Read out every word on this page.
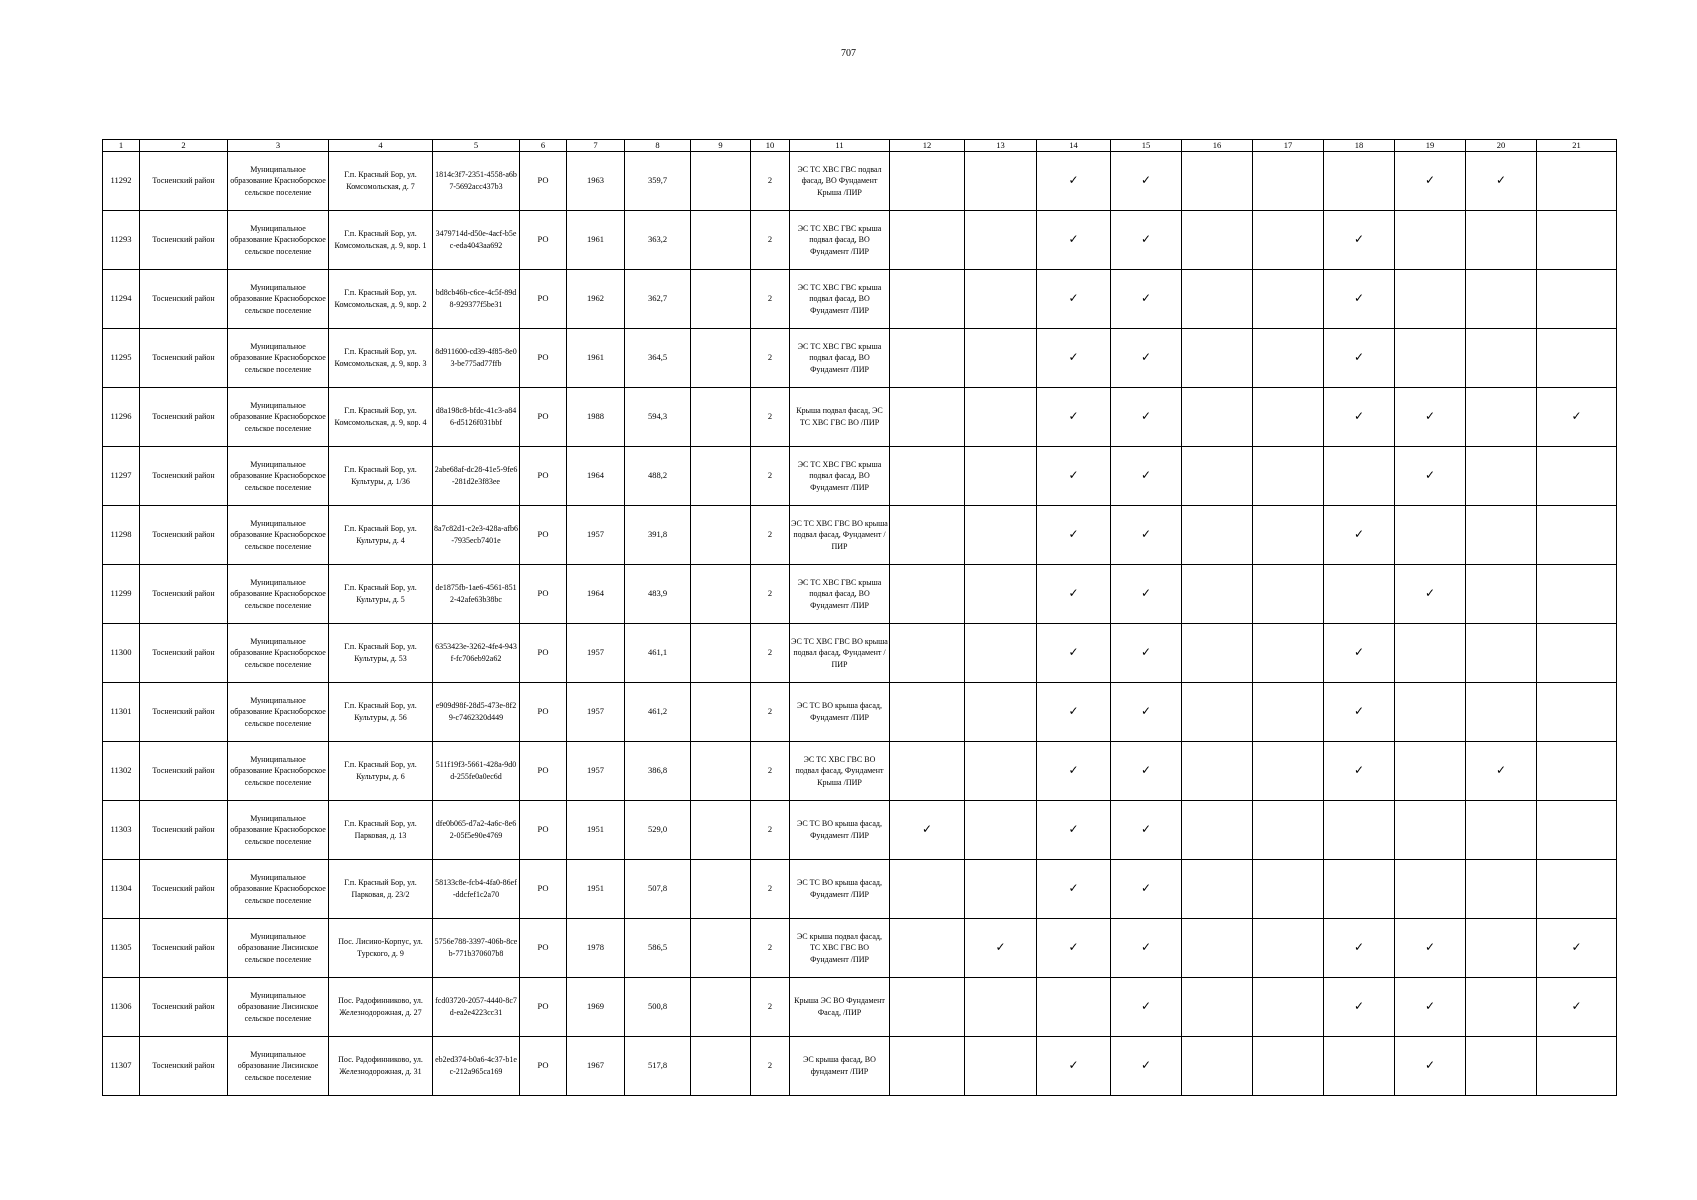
707
1	2	3	4	5	6	7	8	9	10	11	12	13	14	15	16	17	18	19	20	21
11292	Тосненский район	Муниципальное образование Красноборское сельское поселение	Г.п. Красный Бор, ул. Комсомольская, д. 7	1814c3f7-2351-4558-a6b7-5692acc437b3	РО	1963	359,7		2	ЭС ТС ХВС ГВС подвал фасад, ВО Фундамент Крыша /ПИР			✓	✓				✓	✓	
11293	Тосненский район	Муниципальное образование Красноборское сельское поселение	Г.п. Красный Бор, ул. Комсомольская, д. 9, кор. 1	3479714d-d50e-4acf-b5ec-eda4043aa692	РО	1961	363,2		2	ЭС ТС ХВС ГВС крыша подвал фасад, ВО Фундамент /ПИР			✓	✓			✓			
11294	Тосненский район	Муниципальное образование Красноборское сельское поселение	Г.п. Красный Бор, ул. Комсомольская, д. 9, кор. 2	bd8cb46b-c6ce-4c5f-89d8-929377f5be31	РО	1962	362,7		2	ЭС ТС ХВС ГВС крыша подвал фасад, ВО Фундамент /ПИР			✓	✓			✓			
11295	Тосненский район	Муниципальное образование Красноборское сельское поселение	Г.п. Красный Бор, ул. Комсомольская, д. 9, кор. 3	8d911600-cd39-4f85-8e03-be775ad77ffb	РО	1961	364,5		2	ЭС ТС ХВС ГВС крыша подвал фасад, ВО Фундамент /ПИР			✓	✓			✓			
11296	Тосненский район	Муниципальное образование Красноборское сельское поселение	Г.п. Красный Бор, ул. Комсомольская, д. 9, кор. 4	d8a198c8-bfdc-41c3-a846-d5126f031bbf	РО	1988	594,3		2	Крыша подвал фасад, ЭС ТС ХВС ГВС ВО /ПИР			✓	✓			✓	✓		✓
11297	Тосненский район	Муниципальное образование Красноборское сельское поселение	Г.п. Красный Бор, ул. Культуры, д. 1/36	2abe68af-dc28-41e5-9fe6-281d2e3f83ee	РО	1964	488,2		2	ЭС ТС ХВС ГВС крыша подвал фасад, ВО Фундамент /ПИР			✓	✓				✓		
11298	Тосненский район	Муниципальное образование Красноборское сельское поселение	Г.п. Красный Бор, ул. Культуры, д. 4	8a7c82d1-c2e3-428a-afb6-7935ecb7401e	РО	1957	391,8		2	ЭС ТС ХВС ГВС ВО крыша подвал фасад, Фундамент /ПИР			✓	✓			✓			
11299	Тосненский район	Муниципальное образование Красноборское сельское поселение	Г.п. Красный Бор, ул. Культуры, д. 5	de1875fb-1ae6-4561-8512-42afe63b38bc	РО	1964	483,9		2	ЭС ТС ХВС ГВС крыша подвал фасад, ВО Фундамент /ПИР			✓	✓				✓		
11300	Тосненский район	Муниципальное образование Красноборское сельское поселение	Г.п. Красный Бор, ул. Культуры, д. 53	6353423e-3262-4fe4-943f-fc706eb92a62	РО	1957	461,1		2	ЭС ТС ХВС ГВС ВО крыша подвал фасад, Фундамент /ПИР			✓	✓			✓			
11301	Тосненский район	Муниципальное образование Красноборское сельское поселение	Г.п. Красный Бор, ул. Культуры, д. 56	e909d98f-28d5-473e-8f29-c7462320d449	РО	1957	461,2		2	ЭС ТС ВО крыша фасад, Фундамент /ПИР			✓	✓			✓			
11302	Тосненский район	Муниципальное образование Красноборское сельское поселение	Г.п. Красный Бор, ул. Культуры, д. 6	511f19f3-5661-428a-9d0d-255fe0a0ec6d	РО	1957	386,8		2	ЭС ТС ХВС ГВС ВО подвал фасад, Фундамент Крыша /ПИР			✓	✓			✓		✓	
11303	Тосненский район	Муниципальное образование Красноборское сельское поселение	Г.п. Красный Бор, ул. Парковая, д. 13	dfe0b065-d7a2-4a6c-8e62-05f5e90e4769	РО	1951	529,0		2	ЭС ТС ВО крыша фасад, Фундамент /ПИР	✓		✓	✓						
11304	Тосненский район	Муниципальное образование Красноборское сельское поселение	Г.п. Красный Бор, ул. Парковая, д. 23/2	58133c8e-fcb4-4fa0-86ef-ddcfef1c2a70	РО	1951	507,8		2	ЭС ТС ВО крыша фасад, Фундамент /ПИР			✓	✓						
11305	Тосненский район	Муниципальное образование Лисинское сельское поселение	Пос. Лисино-Корпус, ул. Турского, д. 9	5756e788-3397-406b-8ceb-771b370607b8	РО	1978	586,5		2	ЭС крыша подвал фасад, ТС ХВС ГВС ВО Фундамент /ПИР		✓	✓	✓			✓	✓		✓
11306	Тосненский район	Муниципальное образование Лисинское сельское поселение	Пос. Радофинниково, ул. Железнодорожная, д. 27	fcd03720-2057-4440-8c7d-ea2e4223cc31	РО	1969	500,8		2	Крыша ЭС ВО Фундамент Фасад, /ПИР				✓			✓	✓		✓
11307	Тосненский район	Муниципальное образование Лисинское сельское поселение	Пос. Радофинниково, ул. Железнодорожная, д. 31	eb2ed374-b0a6-4c37-b1ec-212a965ca169	РО	1967	517,8		2	ЭС крыша фасад, ВО фундамент /ПИР			✓	✓				✓		
